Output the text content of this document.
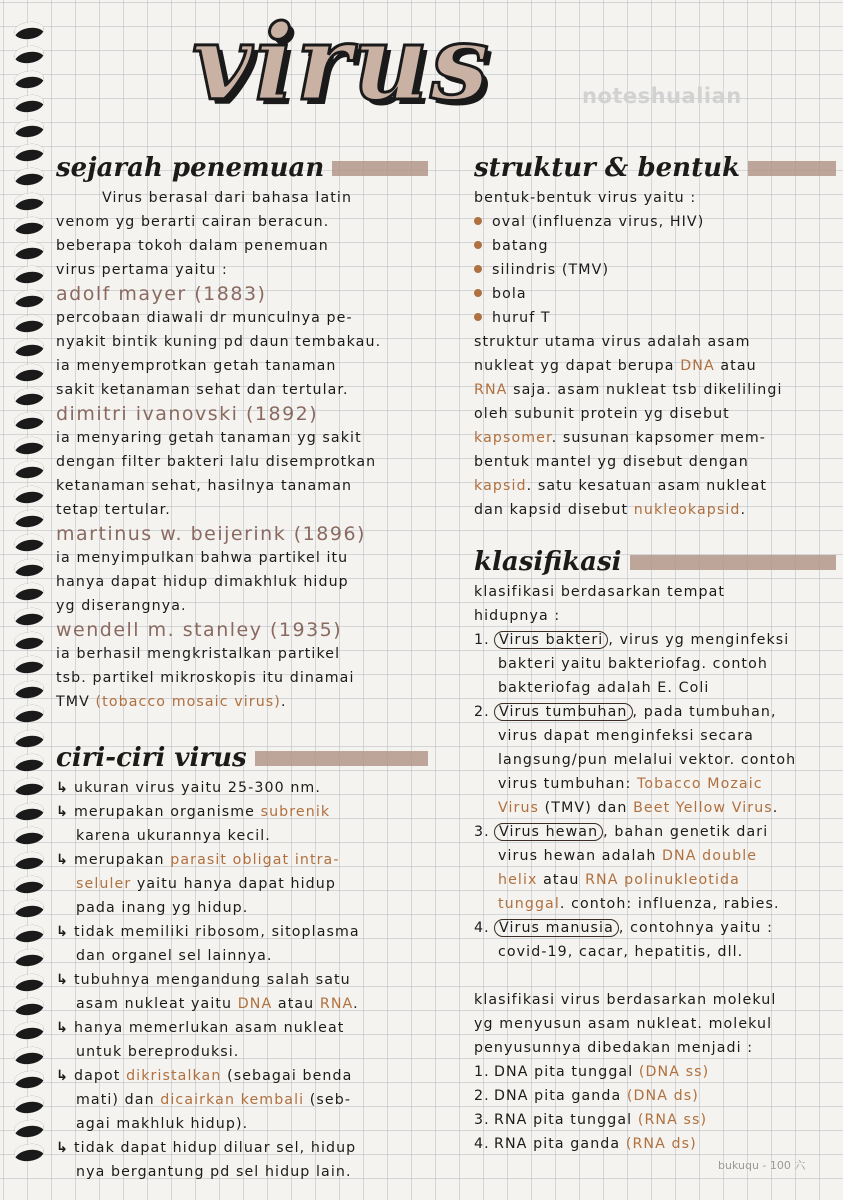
virus	noteshualian
sejarah penemuan
Virus berasal dari bahasa latin
venom yg berarti cairan beracun.
beberapa tokoh dalam penemuan
virus pertama yaitu :
adolf mayer (1883)
percobaan diawali dr munculnya pe-
nyakit bintik kuning pd daun tembakau.
ia menyemprotkan getah tanaman
sakit ketanaman sehat dan tertular.
dimitri ivanovski (1892)
ia menyaring getah tanaman yg sakit
dengan filter bakteri lalu disemprotkan
ketanaman sehat, hasilnya tanaman
tetap tertular.
martinus w. beijerink (1896)
ia menyimpulkan bahwa partikel itu
hanya dapat hidup dimakhluk hidup
yg diserangnya.
wendell m. stanley (1935)
ia berhasil mengkristalkan partikel
tsb. partikel mikroskopis itu dinamai
TMV (tobacco mosaic virus).
ciri-ciri virus
↳ ukuran virus yaitu 25-300 nm.
↳ merupakan organisme subrenik
karena ukurannya kecil.
↳ merupakan parasit obligat intra-
seluler yaitu hanya dapat hidup
pada inang yg hidup.
↳ tidak memiliki ribosom, sitoplasma
dan organel sel lainnya.
↳ tubuhnya mengandung salah satu
asam nukleat yaitu DNA atau RNA.
↳ hanya memerlukan asam nukleat
untuk bereproduksi.
↳ dapot dikristalkan (sebagai benda
mati) dan dicairkan kembali (seb-
agai makhluk hidup).
↳ tidak dapat hidup diluar sel, hidup
nya bergantung pd sel hidup lain.
struktur & bentuk
bentuk-bentuk virus yaitu :
oval (influenza virus, HIV)
batang
silindris (TMV)
bola
huruf T
struktur utama virus adalah asam
nukleat yg dapat berupa DNA atau
RNA saja. asam nukleat tsb dikelilingi
oleh subunit protein yg disebut
kapsomer. susunan kapsomer mem-
bentuk mantel yg disebut dengan
kapsid. satu kesatuan asam nukleat
dan kapsid disebut nukleokapsid.
klasifikasi
klasifikasi berdasarkan tempat
hidupnya :
1. Virus bakteri , virus yg menginfeksi
bakteri yaitu bakteriofag. contoh
bakteriofag adalah E. Coli
2. Virus tumbuhan , pada tumbuhan,
virus dapat menginfeksi secara
langsung/pun melalui vektor. contoh
virus tumbuhan: Tobacco Mozaic
Virus (TMV) dan Beet Yellow Virus.
3. Virus hewan , bahan genetik dari
virus hewan adalah DNA double
helix atau RNA polinukleotida
tunggal. contoh: influenza, rabies.
4. Virus manusia , contohnya yaitu :
covid-19, cacar, hepatitis, dll.
klasifikasi virus berdasarkan molekul
yg menyusun asam nukleat. molekul
penyusunnya dibedakan menjadi :
1. DNA pita tunggal (DNA ss)
2. DNA pita ganda (DNA ds)
3. RNA pita tunggal (RNA ss)
4. RNA pita ganda (RNA ds)
bukuqu - 100 六
